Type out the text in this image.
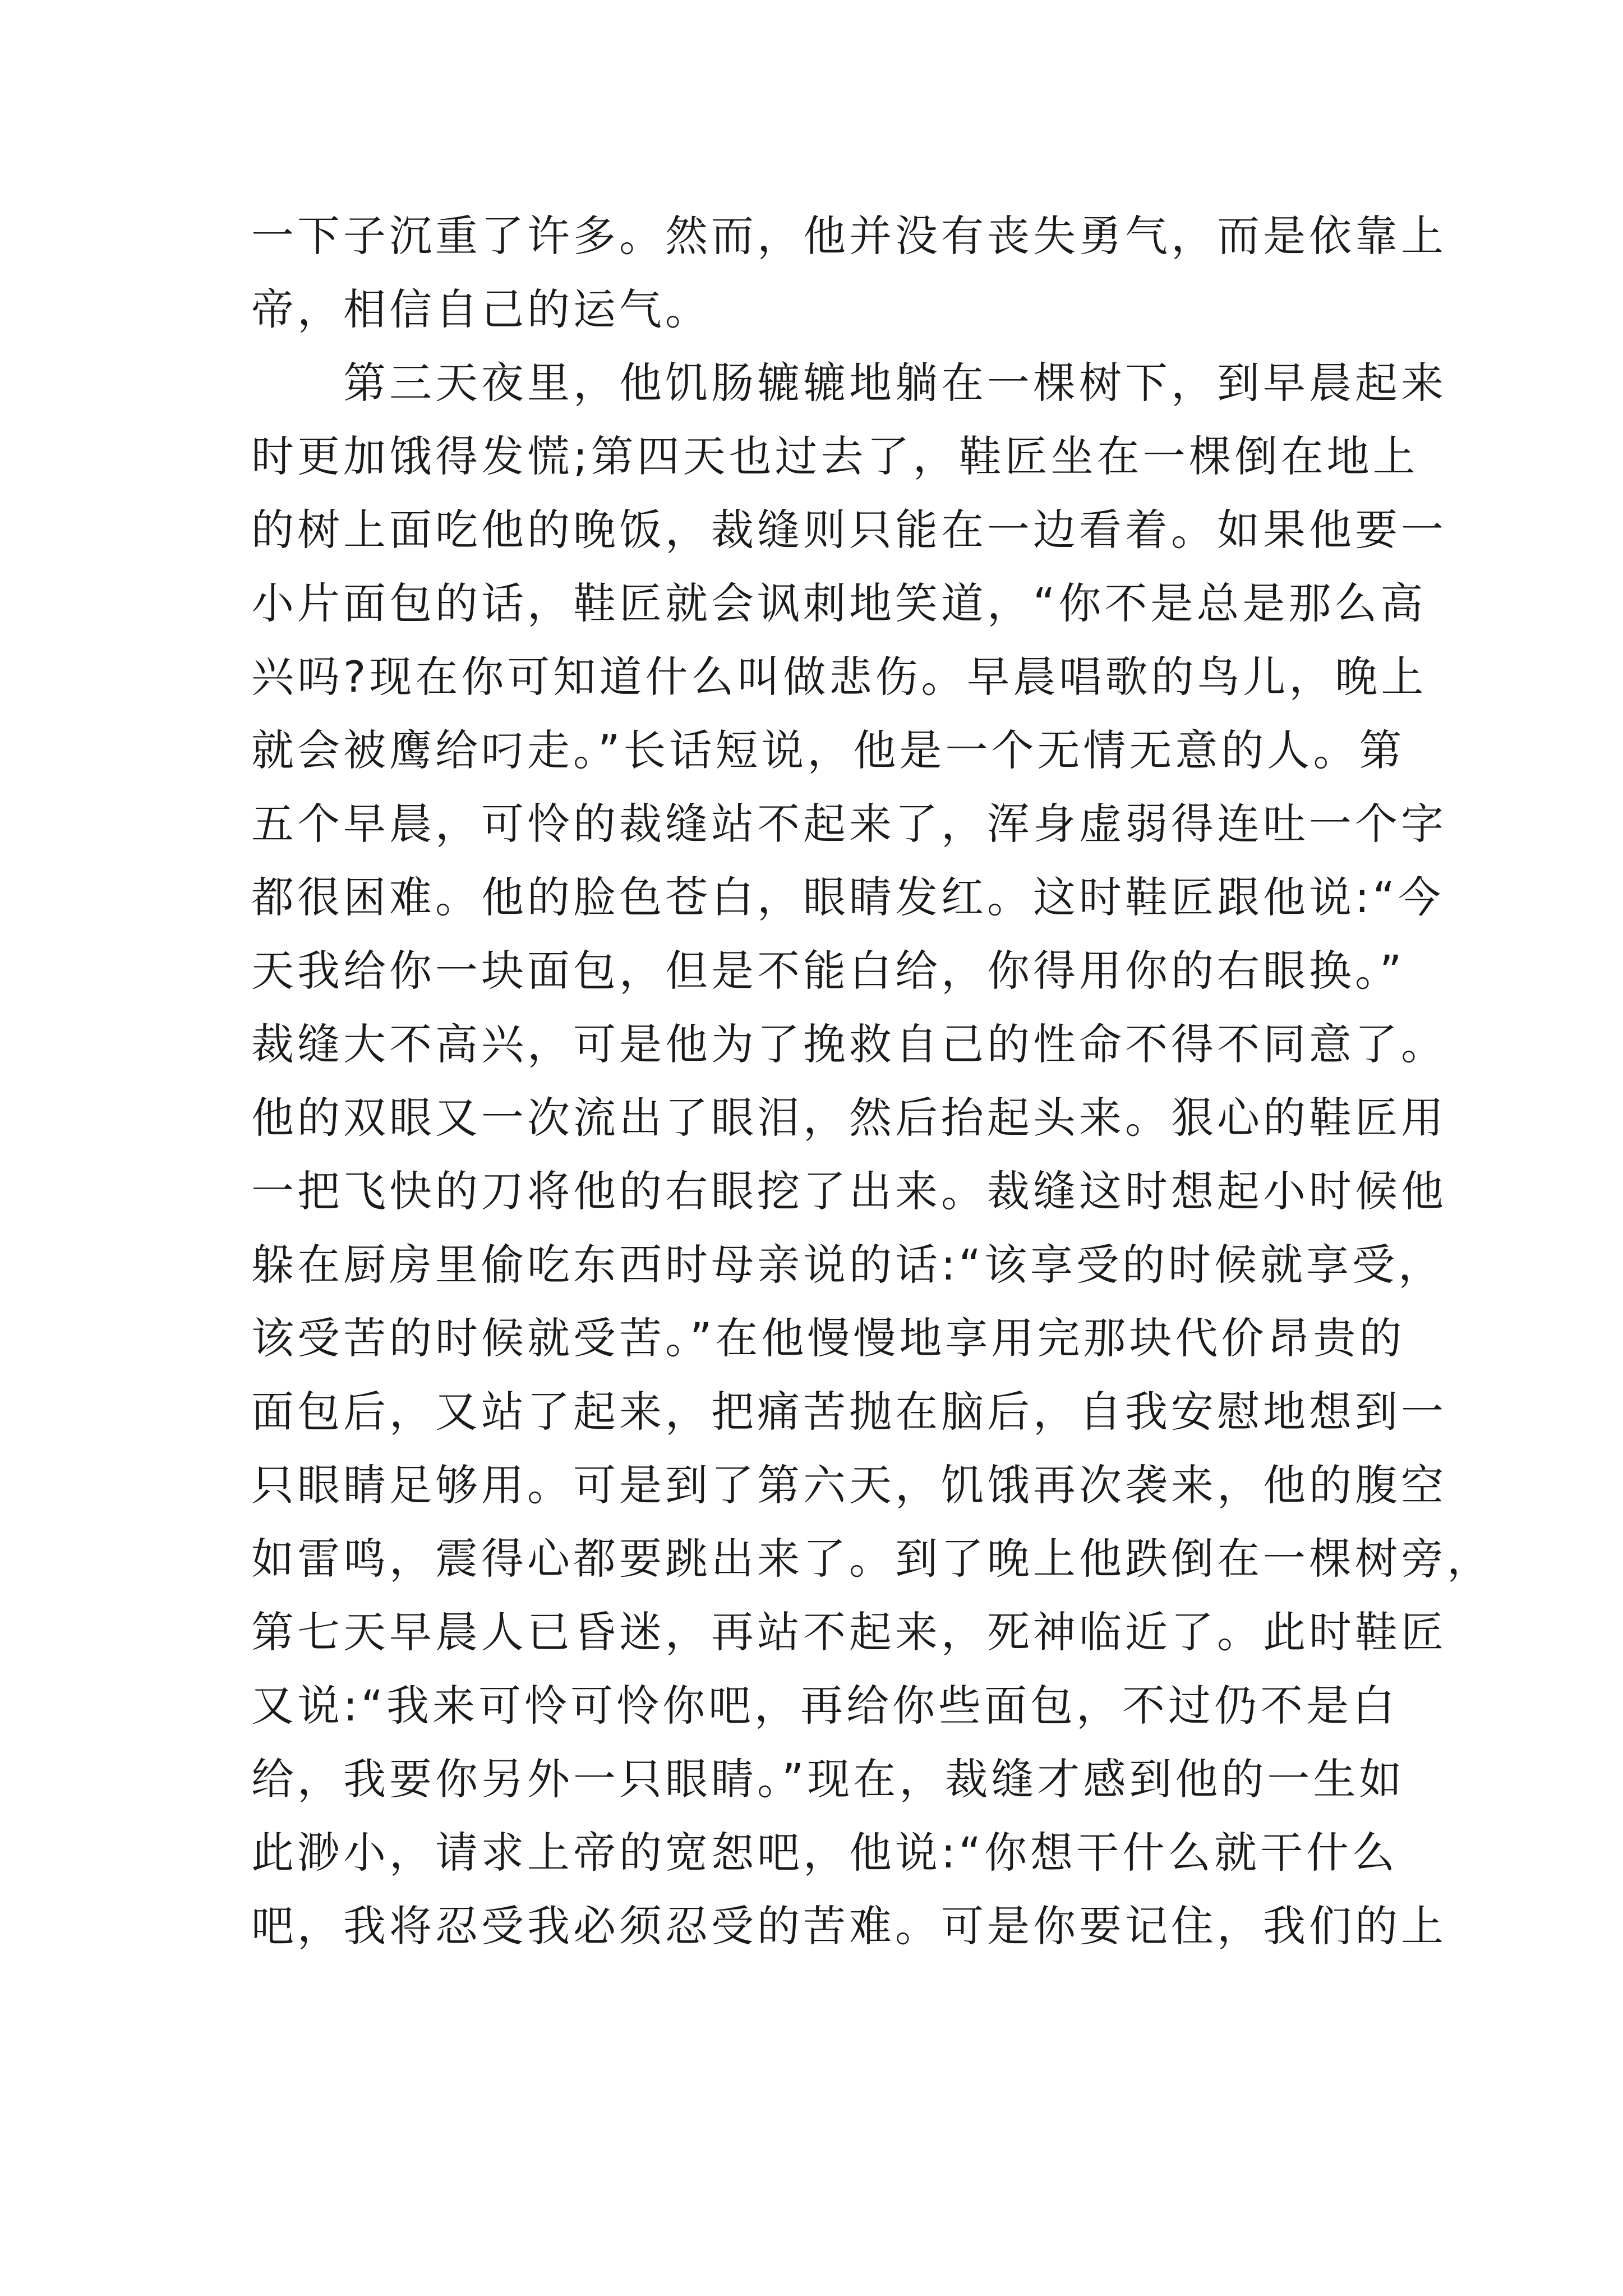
一下子沉重了许多。然而，他并没有丧失勇气，而是依靠上
帝，相信自己的运气。
第三天夜里，他饥肠辘辘地躺在一棵树下，到早晨起来
时更加饿得发慌;第四天也过去了，鞋匠坐在一棵倒在地上
的树上面吃他的晚饭，裁缝则只能在一边看着。如果他要一
小片面包的话，鞋匠就会讽刺地笑道，“你不是总是那么高
兴吗?现在你可知道什么叫做悲伤。早晨唱歌的鸟儿，晚上
就会被鹰给叼走。”长话短说，他是一个无情无意的人。第
五个早晨，可怜的裁缝站不起来了，浑身虚弱得连吐一个字
都很困难。他的脸色苍白，眼睛发红。这时鞋匠跟他说:“今
天我给你一块面包，但是不能白给，你得用你的右眼换。”
裁缝大不高兴，可是他为了挽救自己的性命不得不同意了。
他的双眼又一次流出了眼泪，然后抬起头来。狠心的鞋匠用
一把飞快的刀将他的右眼挖了出来。裁缝这时想起小时候他
躲在厨房里偷吃东西时母亲说的话:“该享受的时候就享受，
该受苦的时候就受苦。”在他慢慢地享用完那块代价昂贵的
面包后，又站了起来，把痛苦抛在脑后，自我安慰地想到一
只眼睛足够用。可是到了第六天，饥饿再次袭来，他的腹空
如雷鸣，震得心都要跳出来了。到了晚上他跌倒在一棵树旁，
第七天早晨人已昏迷，再站不起来，死神临近了。此时鞋匠
又说:“我来可怜可怜你吧，再给你些面包，不过仍不是白
给，我要你另外一只眼睛。”现在，裁缝才感到他的一生如
此渺小，请求上帝的宽恕吧，他说:“你想干什么就干什么
吧，我将忍受我必须忍受的苦难。可是你要记住，我们的上
